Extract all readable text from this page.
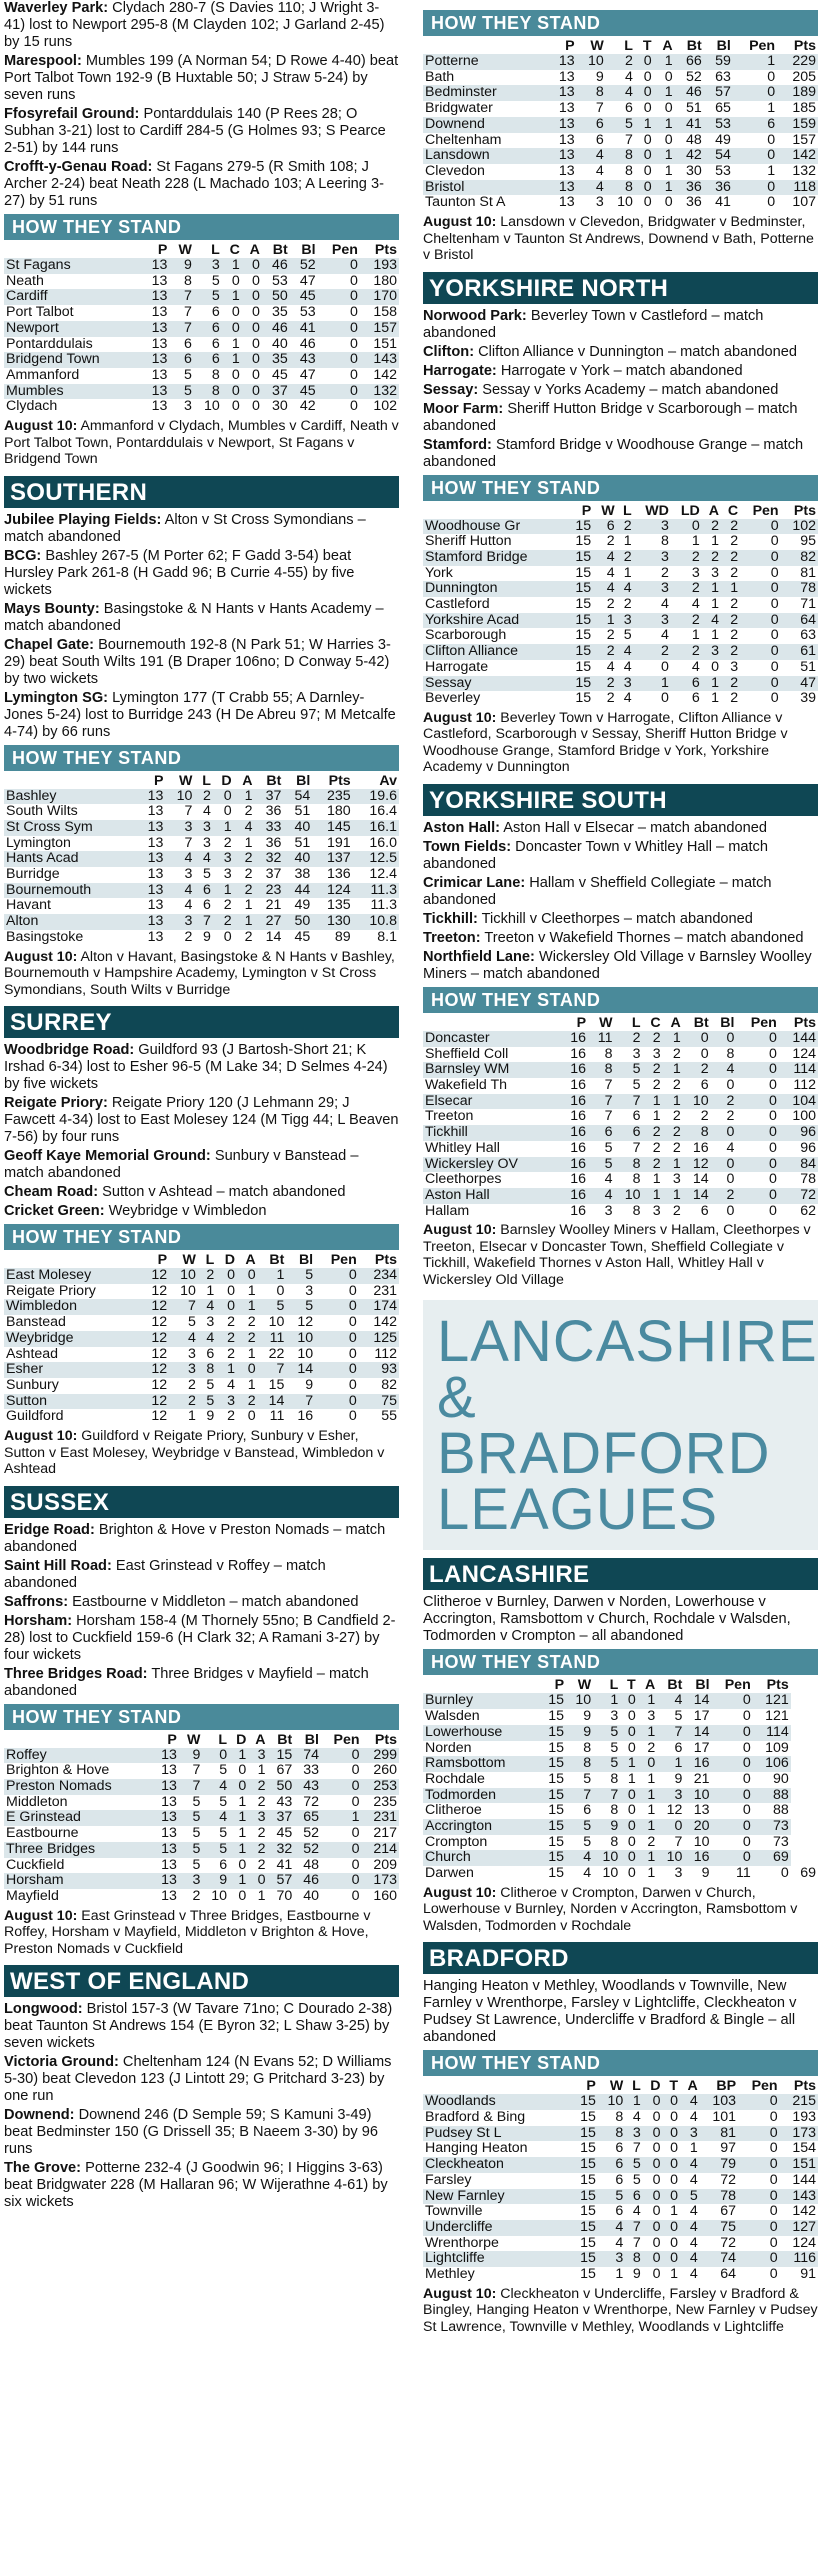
Waverley Park: Clydach 280-7 (S Davies 110; J Wright 3-41) lost to Newport 295-8 (M Clayden 102; J Garland 2-45) by 15 runs
Marespool: Mumbles 199 (A Norman 54; D Rowe 4-40) beat Port Talbot Town 192-9 (B Huxtable 50; J Straw 5-24) by seven runs
Ffosyrefail Ground: Pontarddulais 140 (P Rees 28; O Subhan 3-21) lost to Cardiff 284-5 (G Holmes 93; S Pearce 2-51) by 144 runs
Crofft-y-Genau Road: St Fagans 279-5 (R Smith 108; J Archer 2-24) beat Neath 228 (L Machado 103; A Leering 3-27) by 51 runs
HOW THEY STAND
	P	W	L	C	A	Bt	Bl	Pen	Pts
St Fagans	13	9	3	1	0	46	52	0	193
Neath	13	8	5	0	0	53	47	0	180
Cardiff	13	7	5	1	0	50	45	0	170
Port Talbot	13	7	6	0	0	35	53	0	158
Newport	13	7	6	0	0	46	41	0	157
Pontarddulais	13	6	6	1	0	40	46	0	151
Bridgend Town	13	6	6	1	0	35	43	0	143
Ammanford	13	5	8	0	0	45	47	0	142
Mumbles	13	5	8	0	0	37	45	0	132
Clydach	13	3	10	0	0	30	42	0	102
August 10: Ammanford v Clydach, Mumbles v Cardiff, Neath v Port Talbot Town, Pontarddulais v Newport, St Fagans v Bridgend Town
SOUTHERN
Jubilee Playing Fields: Alton v St Cross Symondians – match abandoned
BCG: Bashley 267-5 (M Porter 62; F Gadd 3-54) beat Hursley Park 261-8 (H Gadd 96; B Currie 4-55) by five wickets
Mays Bounty: Basingstoke & N Hants v Hants Academy – match abandoned
Chapel Gate: Bournemouth 192-8 (N Park 51; W Harries 3-29) beat South Wilts 191 (B Draper 106no; D Conway 5-42) by two wickets
Lymington SG: Lymington 177 (T Crabb 55; A Darnley-Jones 5-24) lost to Burridge 243 (H De Abreu 97; M Metcalfe 4-74) by 66 runs
HOW THEY STAND
	P	W	L	D	A	Bt	Bl	Pts	Av
Bashley	13	10	2	0	1	37	54	235	19.6
South Wilts	13	7	4	0	2	36	51	180	16.4
St Cross Sym	13	3	3	1	4	33	40	145	16.1
Lymington	13	7	3	2	1	36	51	191	16.0
Hants Acad	13	4	4	3	2	32	40	137	12.5
Burridge	13	3	5	3	2	37	38	136	12.4
Bournemouth	13	4	6	1	2	23	44	124	11.3
Havant	13	4	6	2	1	21	49	135	11.3
Alton	13	3	7	2	1	27	50	130	10.8
Basingstoke	13	2	9	0	2	14	45	89	8.1
August 10: Alton v Havant, Basingstoke & N Hants v Bashley, Bournemouth v Hampshire Academy, Lymington v St Cross Symondians, South Wilts v Burridge
SURREY
Woodbridge Road: Guildford 93 (J Bartosh-Short 21; K Irshad 6-34) lost to Esher 96-5 (M Lake 34; D Selmes 4-24) by five wickets
Reigate Priory: Reigate Priory 120 (J Lehmann 29; J Fawcett 4-34) lost to East Molesey 124 (M Tigg 44; L Beaven 7-56) by four runs
Geoff Kaye Memorial Ground: Sunbury v Banstead – match abandoned
Cheam Road: Sutton v Ashtead – match abandoned
Cricket Green: Weybridge v Wimbledon
HOW THEY STAND
	P	W	L	D	A	Bt	Bl	Pen	Pts
East Molesey	12	10	2	0	0	1	5	0	234
Reigate Priory	12	10	1	0	1	0	3	0	231
Wimbledon	12	7	4	0	1	5	5	0	174
Banstead	12	5	3	2	2	10	12	0	142
Weybridge	12	4	4	2	2	11	10	0	125
Ashtead	12	3	6	2	1	22	10	0	112
Esher	12	3	8	1	0	7	14	0	93
Sunbury	12	2	5	4	1	15	9	0	82
Sutton	12	2	5	3	2	14	7	0	75
Guildford	12	1	9	2	0	11	16	0	55
August 10: Guildford v Reigate Priory, Sunbury v Esher, Sutton v East Molesey, Weybridge v Banstead, Wimbledon v Ashtead
SUSSEX
Eridge Road: Brighton & Hove v Preston Nomads – match abandoned
Saint Hill Road: East Grinstead v Roffey – match abandoned
Saffrons: Eastbourne v Middleton – match abandoned
Horsham: Horsham 158-4 (M Thornely 55no; B Candfield 2-28) lost to Cuckfield 159-6 (H Clark 32; A Ramani 3-27) by four wickets
Three Bridges Road: Three Bridges v Mayfield – match abandoned
HOW THEY STAND
	P	W	L	D	A	Bt	Bl	Pen	Pts
Roffey	13	9	0	1	3	15	74	0	299
Brighton & Hove	13	7	5	0	1	67	33	0	260
Preston Nomads	13	7	4	0	2	50	43	0	253
Middleton	13	5	5	1	2	43	72	0	235
E Grinstead	13	5	4	1	3	37	65	1	231
Eastbourne	13	5	5	1	2	45	52	0	217
Three Bridges	13	5	5	1	2	32	52	0	214
Cuckfield	13	5	6	0	2	41	48	0	209
Horsham	13	3	9	1	0	57	46	0	173
Mayfield	13	2	10	0	1	70	40	0	160
August 10: East Grinstead v Three Bridges, Eastbourne v Roffey, Horsham v Mayfield, Middleton v Brighton & Hove, Preston Nomads v Cuckfield
WEST OF ENGLAND
Longwood: Bristol 157-3 (W Tavare 71no; C Dourado 2-38) beat Taunton St Andrews 154 (E Byron 32; L Shaw 3-25) by seven wickets
Victoria Ground: Cheltenham 124 (N Evans 52; D Williams 5-30) beat Clevedon 123 (J Lintott 29; G Pritchard 3-23) by one run
Downend: Downend 246 (D Semple 59; S Kamuni 3-49) beat Bedminster 150 (G Drissell 35; B Naeem 3-30) by 96 runs
The Grove: Potterne 232-4 (J Goodwin 96; I Higgins 3-63) beat Bridgwater 228 (M Hallaran 96; W Wijerathne 4-61) by six wickets
HOW THEY STAND
	P	W	L	T	A	Bt	Bl	Pen	Pts
Potterne	13	10	2	0	1	66	59	1	229
Bath	13	9	4	0	0	52	63	0	205
Bedminster	13	8	4	0	1	46	57	0	189
Bridgwater	13	7	6	0	0	51	65	1	185
Downend	13	6	5	1	1	41	53	6	159
Cheltenham	13	6	7	0	0	48	49	0	157
Lansdown	13	4	8	0	1	42	54	0	142
Clevedon	13	4	8	0	1	30	53	1	132
Bristol	13	4	8	0	1	36	36	0	118
Taunton St A	13	3	10	0	0	36	41	0	107
August 10: Lansdown v Clevedon, Bridgwater v Bedminster, Cheltenham v Taunton St Andrews, Downend v Bath, Potterne v Bristol
YORKSHIRE NORTH
Norwood Park: Beverley Town v Castleford – match abandoned
Clifton: Clifton Alliance v Dunnington – match abandoned
Harrogate: Harrogate v York – match abandoned
Sessay: Sessay v Yorks Academy – match abandoned
Moor Farm: Sheriff Hutton Bridge v Scarborough – match abandoned
Stamford: Stamford Bridge v Woodhouse Grange – match abandoned
HOW THEY STAND
	P	W	L	WD	LD	A	C	Pen	Pts
Woodhouse Gr	15	6	2	3	0	2	2	0	102
Sheriff Hutton	15	2	1	8	1	1	2	0	95
Stamford Bridge	15	4	2	3	2	2	2	0	82
York	15	4	1	2	3	3	2	0	81
Dunnington	15	4	4	3	2	1	1	0	78
Castleford	15	2	2	4	4	1	2	0	71
Yorkshire Acad	15	1	3	3	2	4	2	0	64
Scarborough	15	2	5	4	1	1	2	0	63
Clifton Alliance	15	2	4	2	2	3	2	0	61
Harrogate	15	4	4	0	4	0	3	0	51
Sessay	15	2	3	1	6	1	2	0	47
Beverley	15	2	4	0	6	1	2	0	39
August 10: Beverley Town v Harrogate, Clifton Alliance v Castleford, Scarborough v Sessay, Sheriff Hutton Bridge v Woodhouse Grange, Stamford Bridge v York, Yorkshire Academy v Dunnington
YORKSHIRE SOUTH
Aston Hall: Aston Hall v Elsecar – match abandoned
Town Fields: Doncaster Town v Whitley Hall – match abandoned
Crimicar Lane: Hallam v Sheffield Collegiate – match abandoned
Tickhill: Tickhill v Cleethorpes – match abandoned
Treeton: Treeton v Wakefield Thornes – match abandoned
Northfield Lane: Wickersley Old Village v Barnsley Woolley Miners – match abandoned
HOW THEY STAND
	P	W	L	C	A	Bt	Bl	Pen	Pts
Doncaster	16	11	2	2	1	0	0	0	144
Sheffield Coll	16	8	3	3	2	0	8	0	124
Barnsley WM	16	8	5	2	1	2	4	0	114
Wakefield Th	16	7	5	2	2	6	0	0	112
Elsecar	16	7	7	1	1	10	2	0	104
Treeton	16	7	6	1	2	2	2	0	100
Tickhill	16	6	6	2	2	8	0	0	96
Whitley Hall	16	5	7	2	2	16	4	0	96
Wickersley OV	16	5	8	2	1	12	0	0	84
Cleethorpes	16	4	8	1	3	14	0	0	78
Aston Hall	16	4	10	1	1	14	2	0	72
Hallam	16	3	8	3	2	6	0	0	62
August 10: Barnsley Woolley Miners v Hallam, Cleethorpes v Treeton, Elsecar v Doncaster Town, Sheffield Collegiate v Tickhill, Wakefield Thornes v Aston Hall, Whitley Hall v Wickersley Old Village
LANCASHIRE
& BRADFORD
LEAGUES
LANCASHIRE
Clitheroe v Burnley, Darwen v Norden, Lowerhouse v Accrington, Ramsbottom v Church, Rochdale v Walsden, Todmorden v Crompton – all abandoned
HOW THEY STAND
	P	W	L	T	A	Bt	Bl	Pen	Pts	
Burnley	15	10	1	0	1	4	14	0	121	
Walsden	15	9	3	0	3	5	17	0	121	
Lowerhouse	15	9	5	0	1	7	14	0	114	
Norden	15	8	5	0	2	6	17	0	109	
Ramsbottom	15	8	5	1	0	1	16	0	106	
Rochdale	15	5	8	1	1	9	21	0	90	
Todmorden	15	7	7	0	1	3	10	0	88	
Clitheroe	15	6	8	0	1	12	13	0	88	
Accrington	15	5	9	0	1	0	20	0	73	
Crompton	15	5	8	0	2	7	10	0	73	
Church	15	4	10	0	1	10	16	0	69	
Darwen	15	4	10	0	1	3	9	11	0	69
August 10: Clitheroe v Crompton, Darwen v Church, Lowerhouse v Burnley, Norden v Accrington, Ramsbottom v Walsden, Todmorden v Rochdale
BRADFORD
Hanging Heaton v Methley, Woodlands v Townville, New Farnley v Wrenthorpe, Farsley v Lightcliffe, Cleckheaton v Pudsey St Lawrence, Undercliffe v Bradford & Bingle – all abandoned
HOW THEY STAND
	P	W	L	D	T	A	BP	Pen	Pts
Woodlands	15	10	1	0	0	4	103	0	215
Bradford & Bing	15	8	4	0	0	4	101	0	193
Pudsey St L	15	8	3	0	0	3	81	0	173
Hanging Heaton	15	6	7	0	0	1	97	0	154
Cleckheaton	15	6	5	0	0	4	79	0	151
Farsley	15	6	5	0	0	4	72	0	144
New Farnley	15	5	6	0	0	5	78	0	143
Townville	15	6	4	0	1	4	67	0	142
Undercliffe	15	4	7	0	0	4	75	0	127
Wrenthorpe	15	4	7	0	0	4	72	0	124
Lightcliffe	15	3	8	0	0	4	74	0	116
Methley	15	1	9	0	1	4	64	0	91
August 10: Cleckheaton v Undercliffe, Farsley v Bradford & Bingley, Hanging Heaton v Wrenthorpe, New Farnley v Pudsey St Lawrence, Townville v Methley, Woodlands v Lightcliffe
